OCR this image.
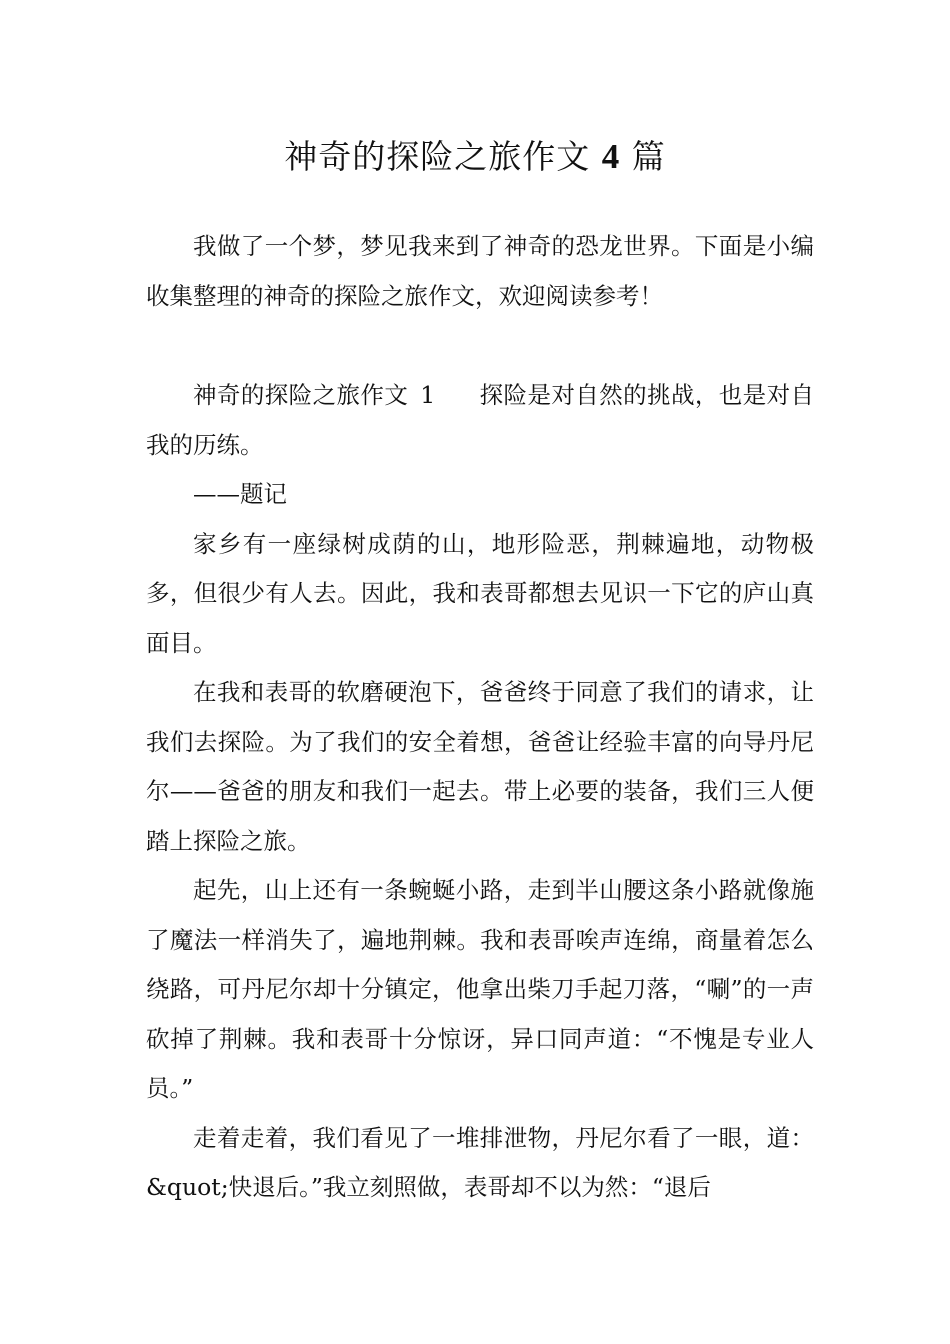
神奇的探险之旅作文 4 篇

我做了一个梦，梦见我来到了神奇的恐龙世界。下面是小编收集整理的神奇的探险之旅作文，欢迎阅读参考！

神奇的探险之旅作文 1 探险是对自然的挑战，也是对自我的历练。

——题记

家乡有一座绿树成荫的山，地形险恶，荆棘遍地，动物极多，但很少有人去。因此，我和表哥都想去见识一下它的庐山真面目。

在我和表哥的软磨硬泡下，爸爸终于同意了我们的请求，让我们去探险。为了我们的安全着想，爸爸让经验丰富的向导丹尼尔——爸爸的朋友和我们一起去。带上必要的装备，我们三人便踏上探险之旅。

起先，山上还有一条蜿蜒小路，走到半山腰这条小路就像施了魔法一样消失了，遍地荆棘。我和表哥唉声连绵，商量着怎么绕路，可丹尼尔却十分镇定，他拿出柴刀手起刀落，“唰”的一声砍掉了荆棘。我和表哥十分惊讶，异口同声道：“不愧是专业人员。”

走着走着，我们看见了一堆排泄物，丹尼尔看了一眼，道：&quot;快退后。”我立刻照做，表哥却不以为然：“退后
